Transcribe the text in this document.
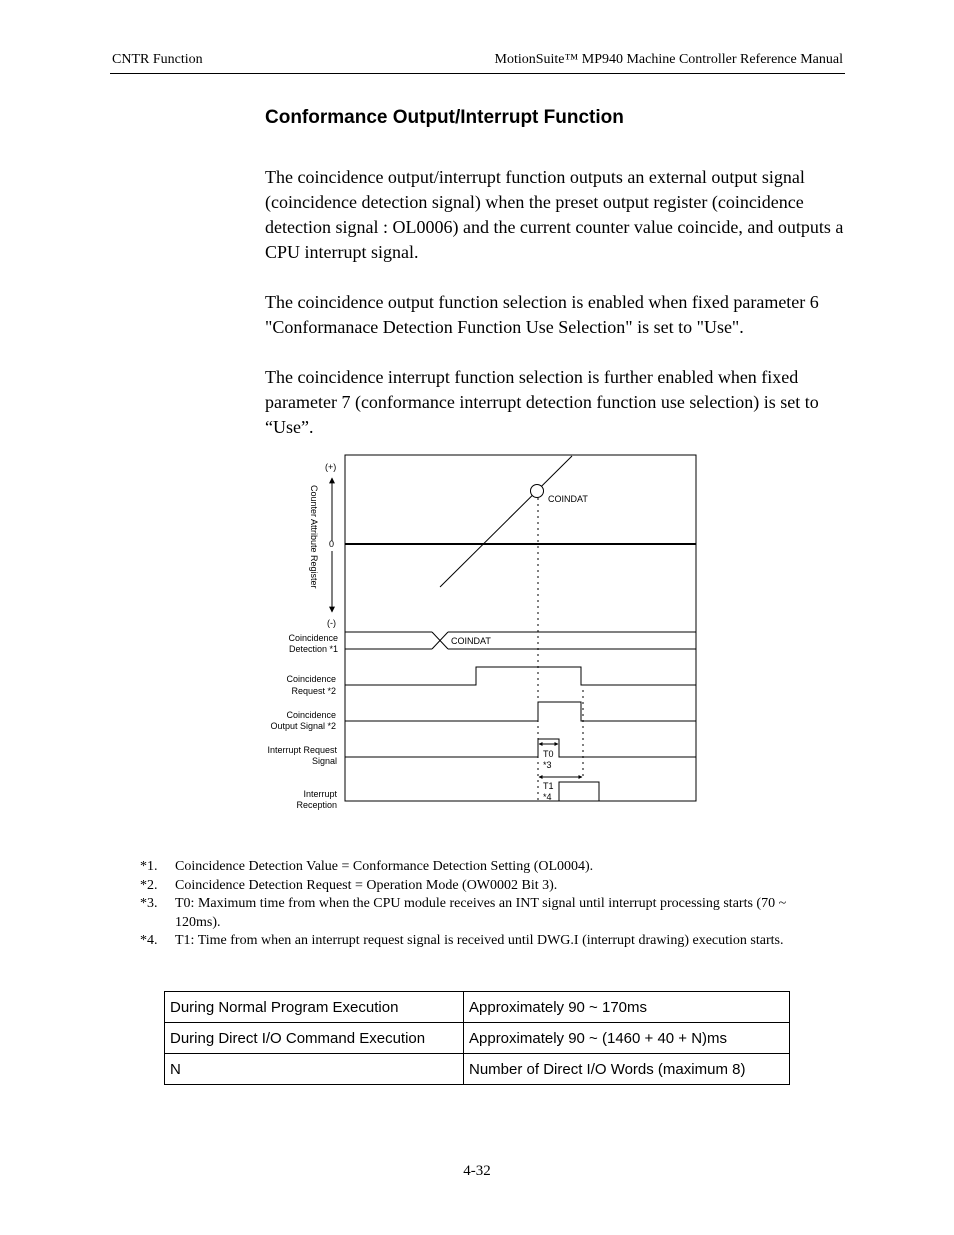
CNTR Function	MotionSuite™ MP940 Machine Controller Reference Manual
Conformance Output/Interrupt Function

The coincidence output/interrupt function outputs an external output signal (coincidence detection signal) when the preset output register (coincidence detection signal : OL0006) and the current counter value coincide, and outputs a CPU interrupt signal.

The coincidence output function selection is enabled when fixed parameter 6 "Conformanace Detection Function Use Selection" is set to "Use".

The coincidence interrupt function selection is further enabled when fixed parameter 7 (conformance interrupt detection function use selection) is set to “Use”.

COINDAT
(+)
0
(-)
Counter Attribute Register
Coincidence
Detection *1
Coincidence
Request *2
Coincidence
Output Signal *2
Interrupt Request
Signal
Interrupt
Reception
COINDAT
T0
*3
T1
*4
*1. Coincidence Detection Value = Conformance Detection Setting (OL0004).
*2. Coincidence Detection Request = Operation Mode (OW0002 Bit 3).
*3. T0: Maximum time from when the CPU module receives an INT signal until interrupt processing starts (70 ~ 120ms).
*4. T1: Time from when an interrupt request signal is received until DWG.I (interrupt drawing) execution starts.
During Normal Program Execution	Approximately 90 ~ 170ms
During Direct I/O Command Execution	Approximately 90 ~ (1460 + 40 + N)ms
N	Number of Direct I/O Words (maximum 8)
4-32
